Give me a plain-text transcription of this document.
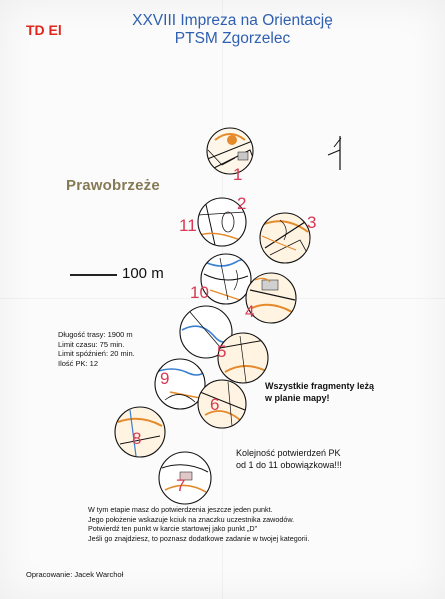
TD El
XXVIII Impreza na Orientację
PTSM Zgorzelec
Prawobrzeże
100 m
1
2
3
4
5
6
7
8
9
10
11
Długość trasy: 1900 m
Limit czasu: 75 min.
Limit spóźnień: 20 min.
Ilość PK: 12
Wszystkie fragmenty leżą
w planie mapy!
Kolejność potwierdzeń PK
od 1 do 11 obowiązkowa!!!
W tym etapie masz do potwierdzenia jeszcze jeden punkt.
Jego położenie wskazuje kciuk na znaczku uczestnika zawodów.
Potwierdź ten punkt w karcie startowej jako punkt „D”
Jeśli go znajdziesz, to poznasz dodatkowe zadanie w twojej kategorii.
Opracowanie: Jacek Warchoł
